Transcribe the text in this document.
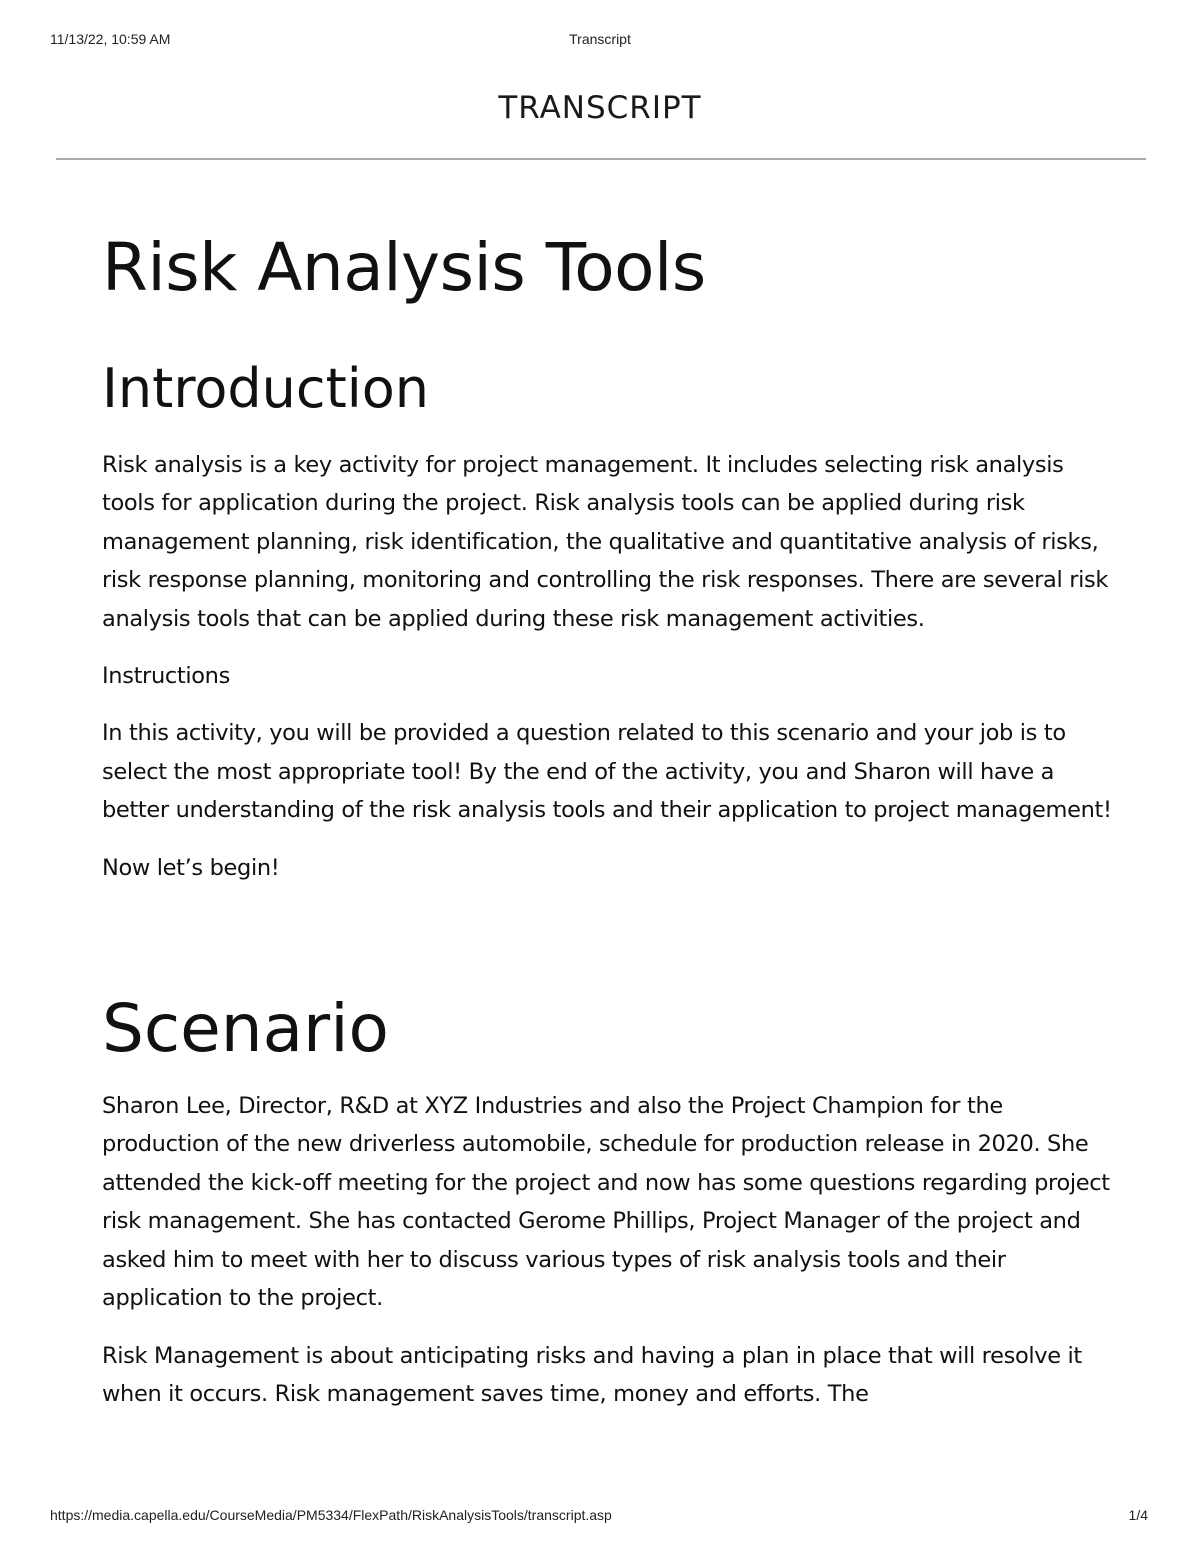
11/13/22, 10:59 AM	Transcript
TRANSCRIPT
Risk Analysis Tools
Introduction

Risk analysis is a key activity for project management. It includes selecting risk analysis tools for application during the project. Risk analysis tools can be applied during risk management planning, risk identification, the qualitative and quantitative analysis of risks, risk response planning, monitoring and controlling the risk responses. There are several risk analysis tools that can be applied during these risk management activities.

Instructions

In this activity, you will be provided a question related to this scenario and your job is to select the most appropriate tool! By the end of the activity, you and Sharon will have a better understanding of the risk analysis tools and their application to project management!

Now let’s begin!

Scenario

Sharon Lee, Director, R&D at XYZ Industries and also the Project Champion for the production of the new driverless automobile, schedule for production release in 2020. She attended the kick-off meeting for the project and now has some questions regarding project risk management. She has contacted Gerome Phillips, Project Manager of the project and asked him to meet with her to discuss various types of risk analysis tools and their application to the project.

Risk Management is about anticipating risks and having a plan in place that will resolve it when it occurs. Risk management saves time, money and efforts. The

https://media.capella.edu/CourseMedia/PM5334/FlexPath/RiskAnalysisTools/transcript.asp	1/4
